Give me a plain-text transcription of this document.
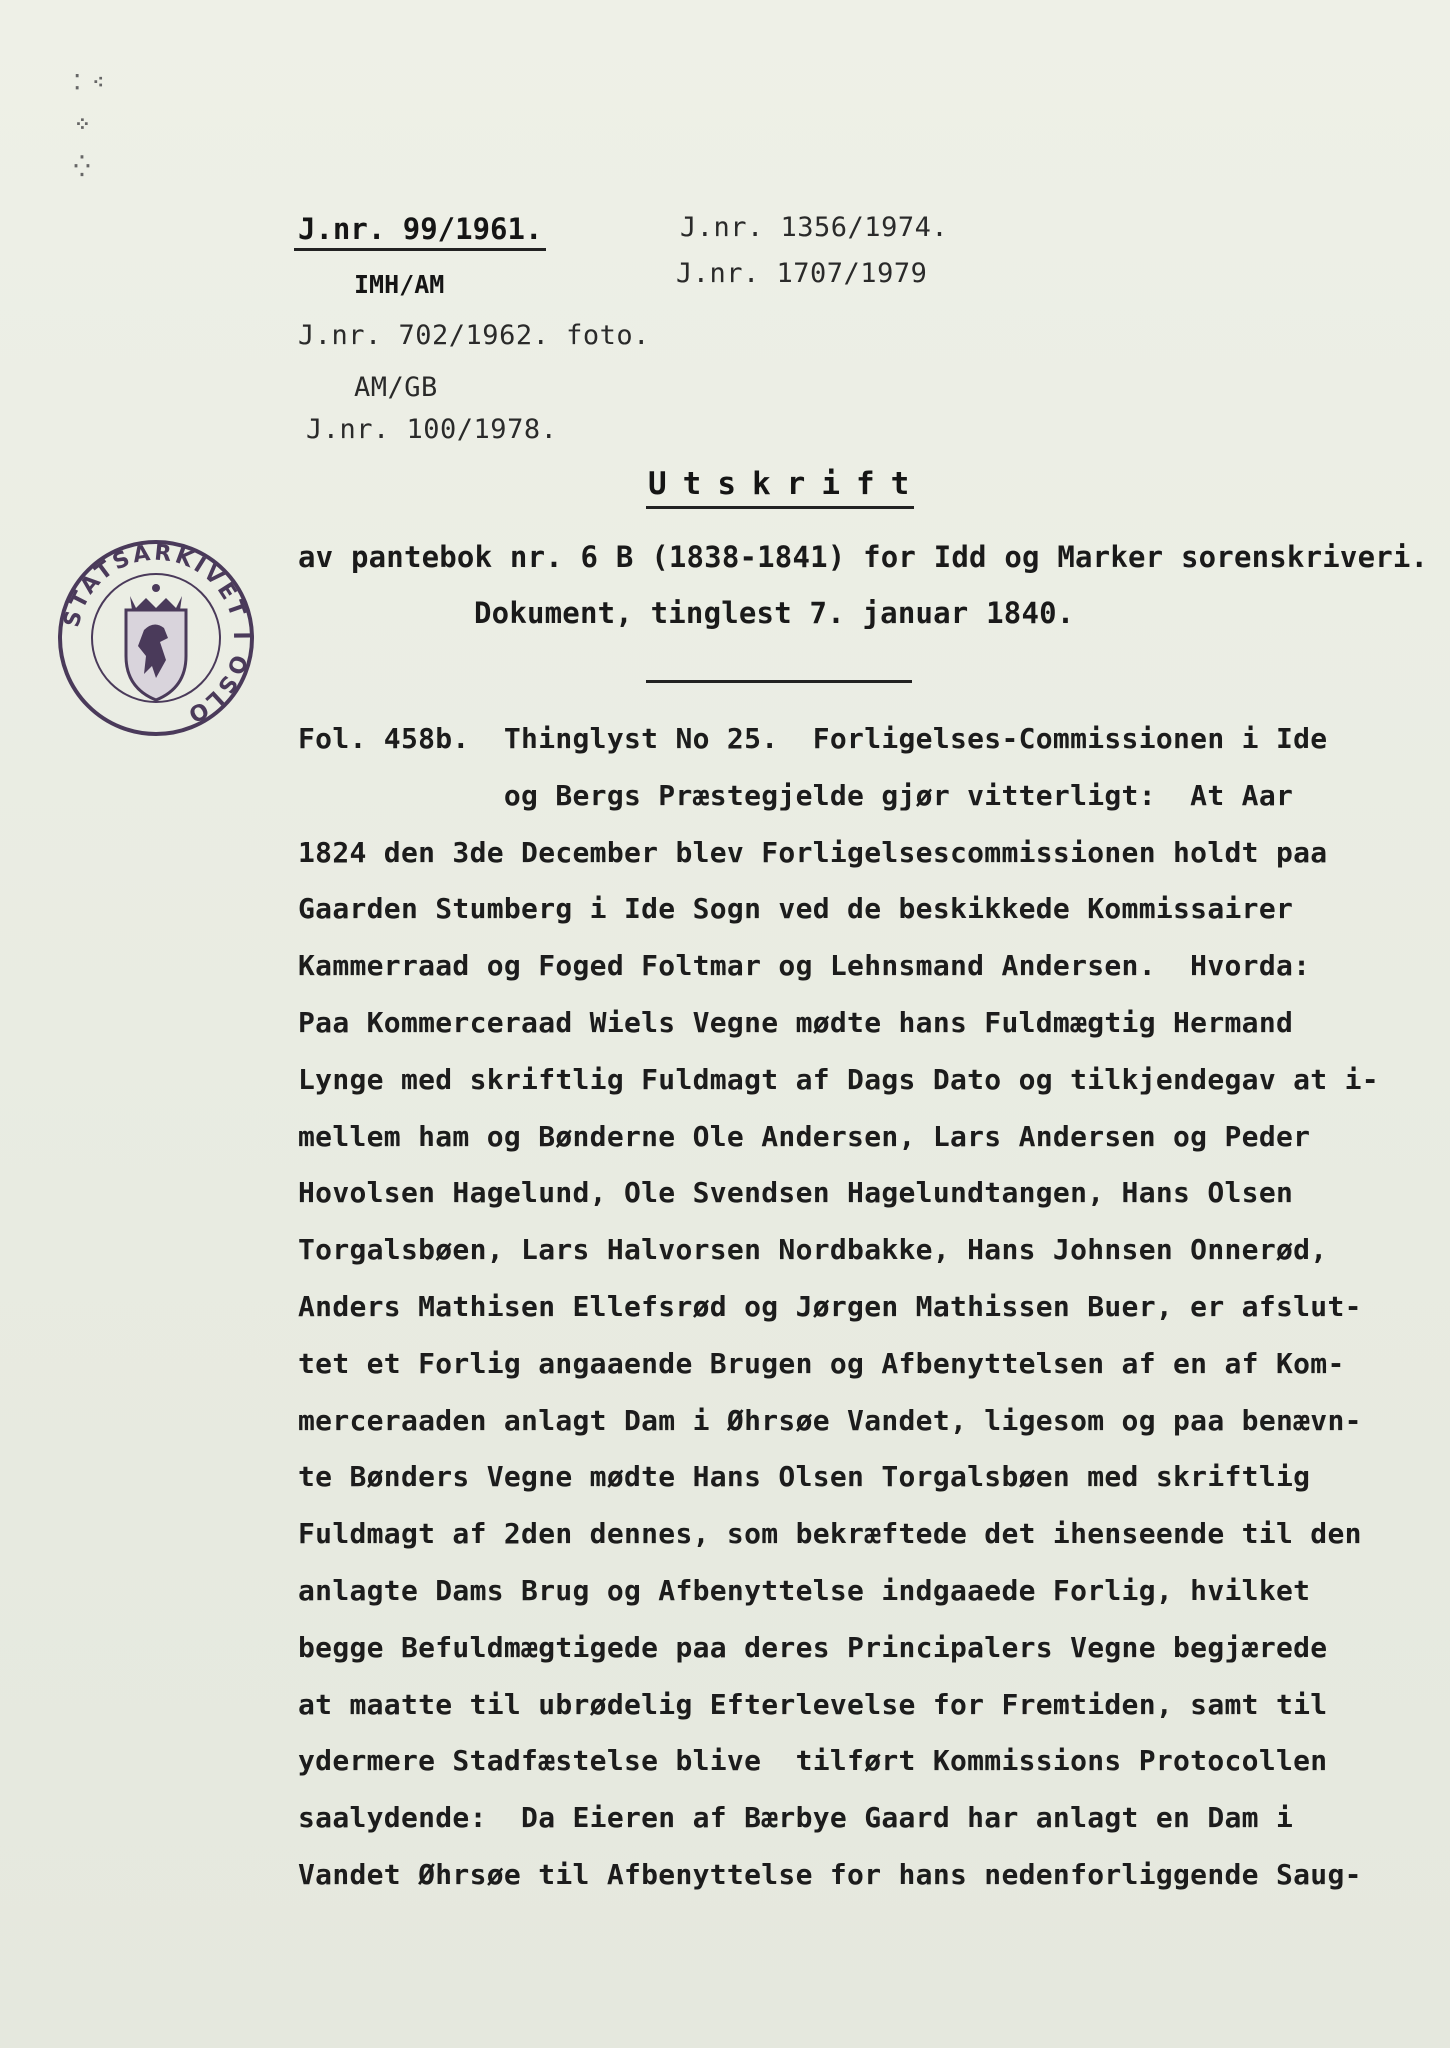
⁚ ⁖
⁘
⁛
J.nr. 99/1961.
IMH/AM
J.nr. 702/1962. foto.
AM/GB
J.nr. 100/1978.
J.nr. 1356/1974.
J.nr. 1707/1979
Utskrift
av pantebok nr. 6 B (1838-1841) for Idd og Marker sorenskriveri.
Dokument, tinglest 7. januar 1840.
STATSARKIVET I OSLO
Fol. 458b.  Thinglyst No 25.  Forligelses-Commissionen i Ide
og Bergs Præstegjelde gjør vitterligt:  At Aar
1824 den 3de December blev Forligelsescommissionen holdt paa
Gaarden Stumberg i Ide Sogn ved de beskikkede Kommissairer
Kammerraad og Foged Foltmar og Lehnsmand Andersen.  Hvorda:
Paa Kommerceraad Wiels Vegne mødte hans Fuldmægtig Hermand
Lynge med skriftlig Fuldmagt af Dags Dato og tilkjendegav at i-
mellem ham og Bønderne Ole Andersen, Lars Andersen og Peder
Hovolsen Hagelund, Ole Svendsen Hagelundtangen, Hans Olsen
Torgalsbøen, Lars Halvorsen Nordbakke, Hans Johnsen Onnerød,
Anders Mathisen Ellefsrød og Jørgen Mathissen Buer, er afslut-
tet et Forlig angaaende Brugen og Afbenyttelsen af en af Kom-
merceraaden anlagt Dam i Øhrsøe Vandet, ligesom og paa benævn-
te Bønders Vegne mødte Hans Olsen Torgalsbøen med skriftlig
Fuldmagt af 2den dennes, som bekræftede det ihenseende til den
anlagte Dams Brug og Afbenyttelse indgaaede Forlig, hvilket
begge Befuldmægtigede paa deres Principalers Vegne begjærede
at maatte til ubrødelig Efterlevelse for Fremtiden, samt til
ydermere Stadfæstelse blive  tilført Kommissions Protocollen
saalydende:  Da Eieren af Bærbye Gaard har anlagt en Dam i
Vandet Øhrsøe til Afbenyttelse for hans nedenforliggende Saug-
